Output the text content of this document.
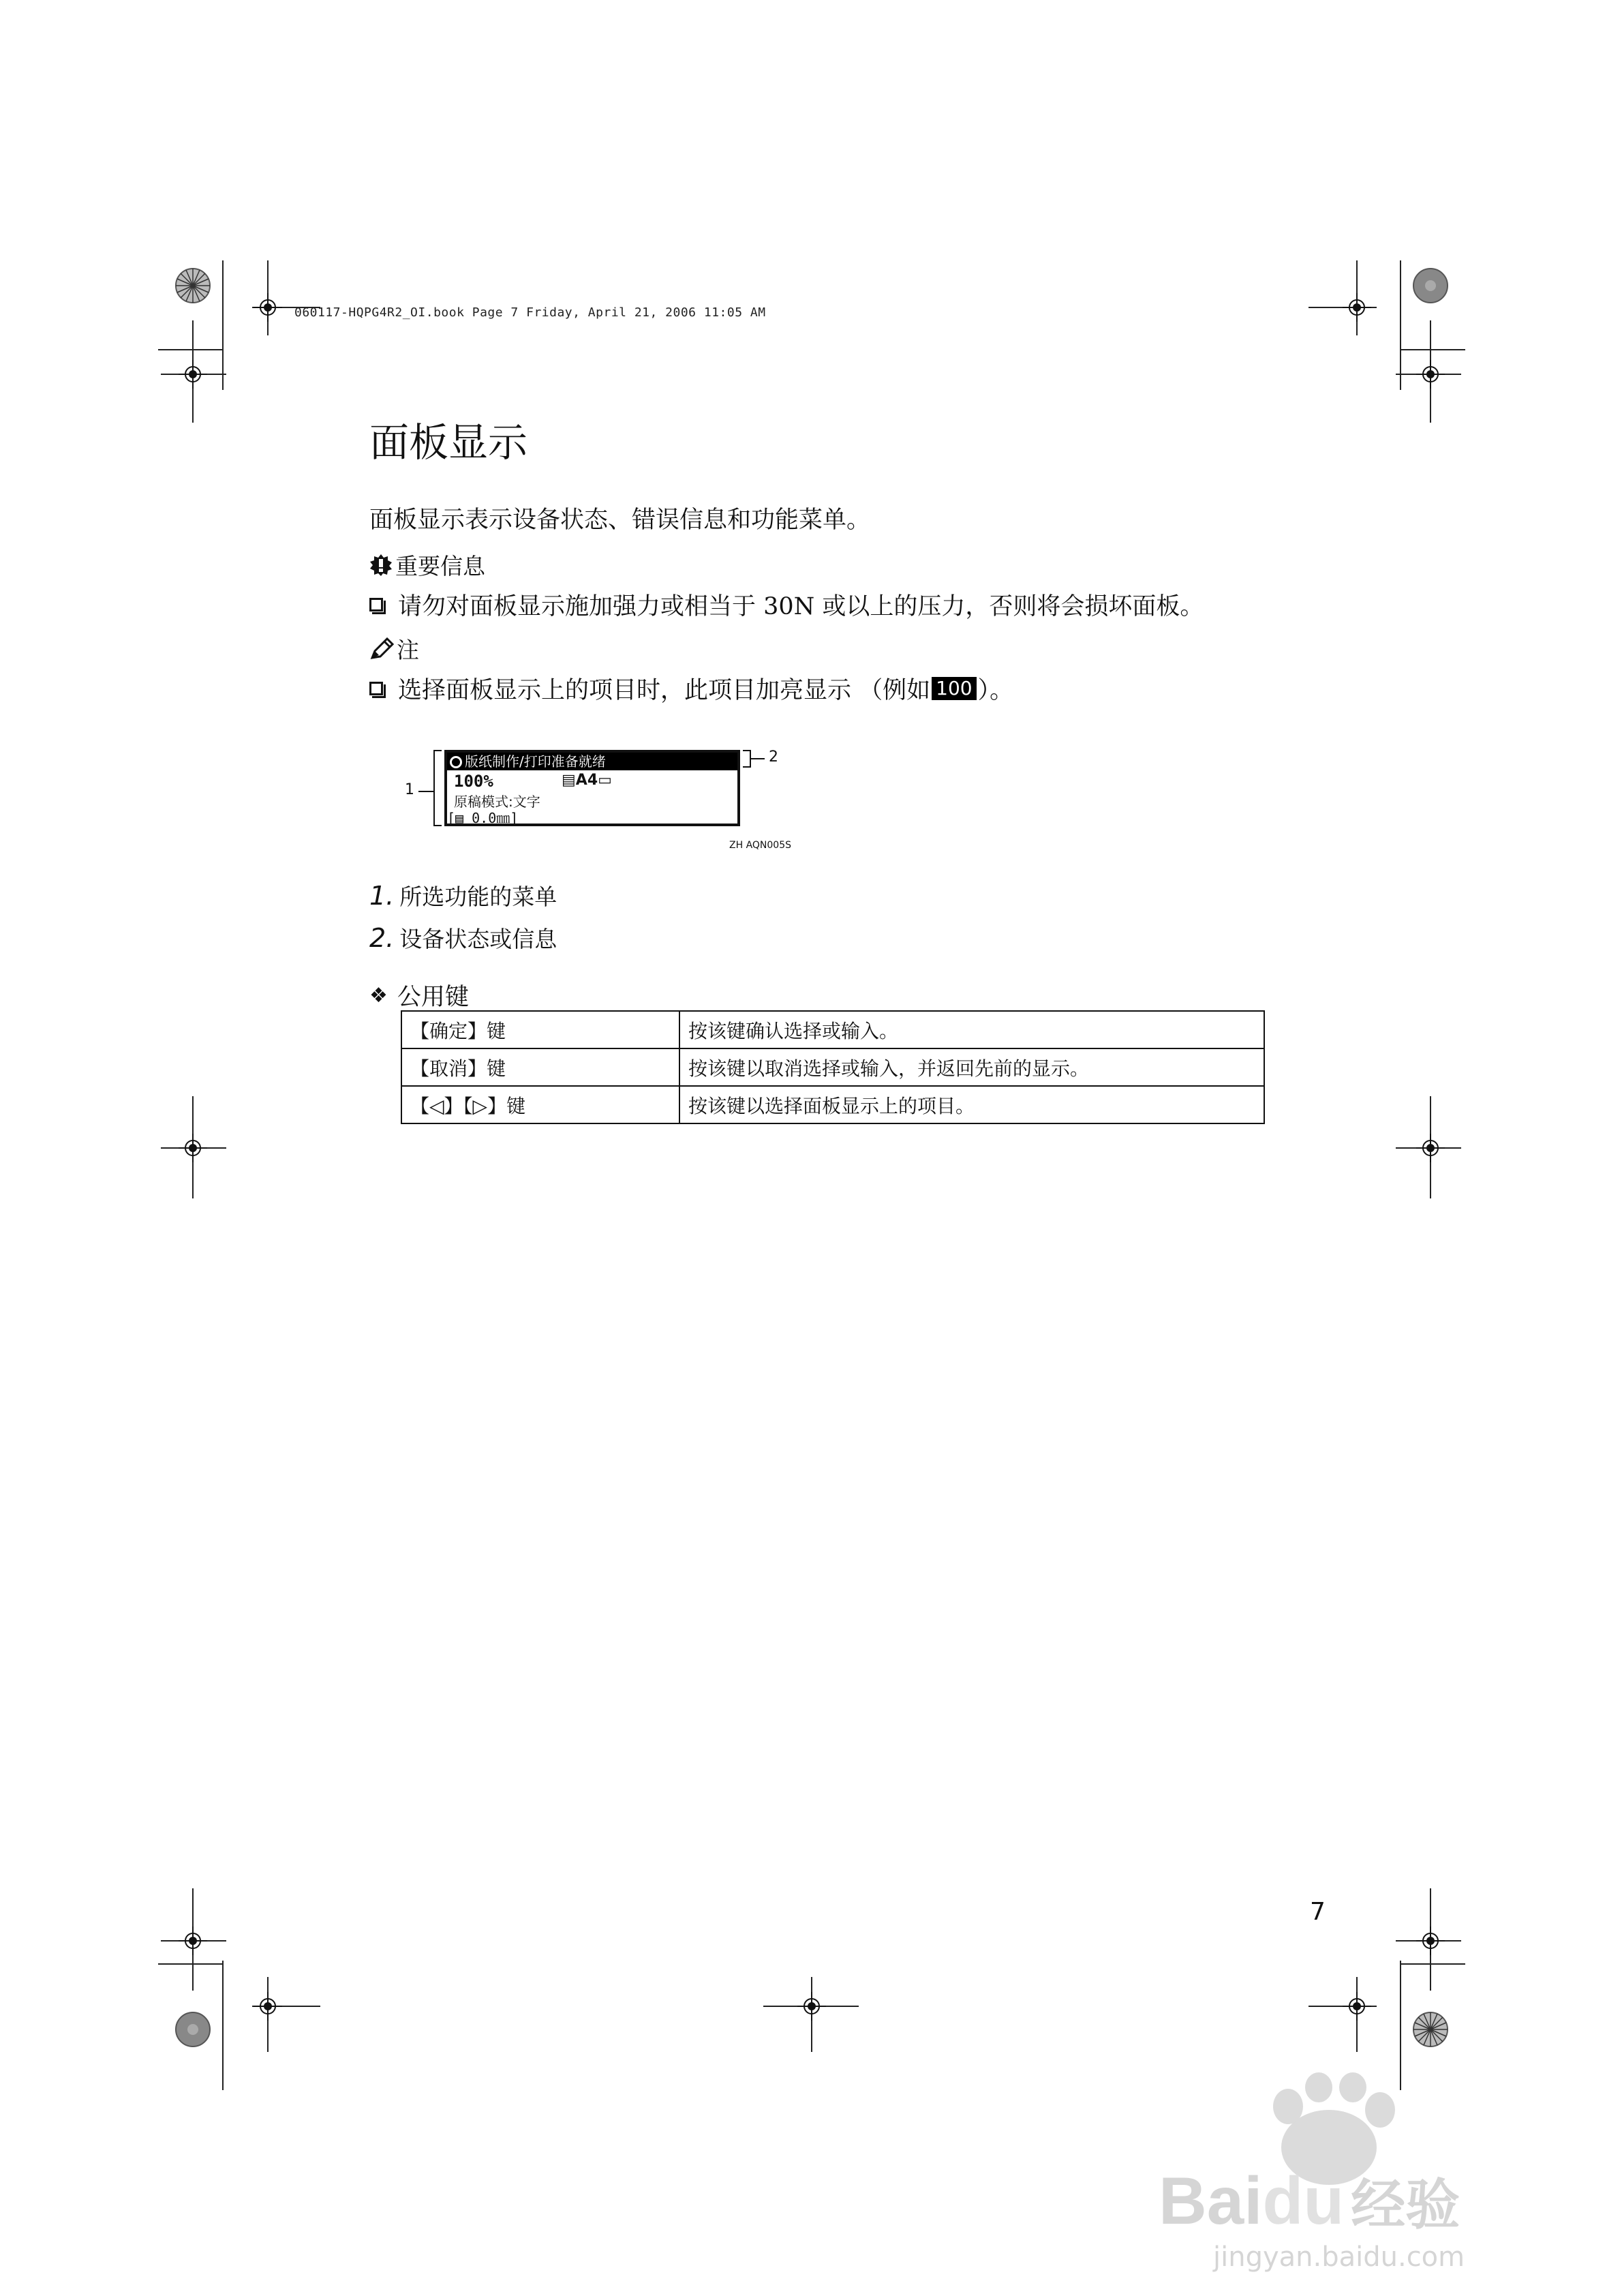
060117-HQPG4R2_OI.book Page 7 Friday, April 21, 2006 11:05 AM
面板显示
面板显示表示设备状态、错误信息和功能菜单。
重要信息
请勿对面板显示施加强力或相当于 30N 或以上的压力，否则将会损坏面板。
注
选择面板显示上的项目时，此项目加亮显示 （例如 100 ）。
1
2
版纸制作/打印准备就绪
100%	▤A4▭
原稿模式:文字
[▤ 0.0㎜]
ZH AQN005S
1. 所选功能的菜单
2. 设备状态或信息
❖ 公用键
【确定】键	按该键确认选择或输入。
【取消】键	按该键以取消选择或输入，并返回先前的显示。
【◁】【▷】键	按该键以选择面板显示上的项目。
7
Baidu 经验
jingyan.baidu.com
